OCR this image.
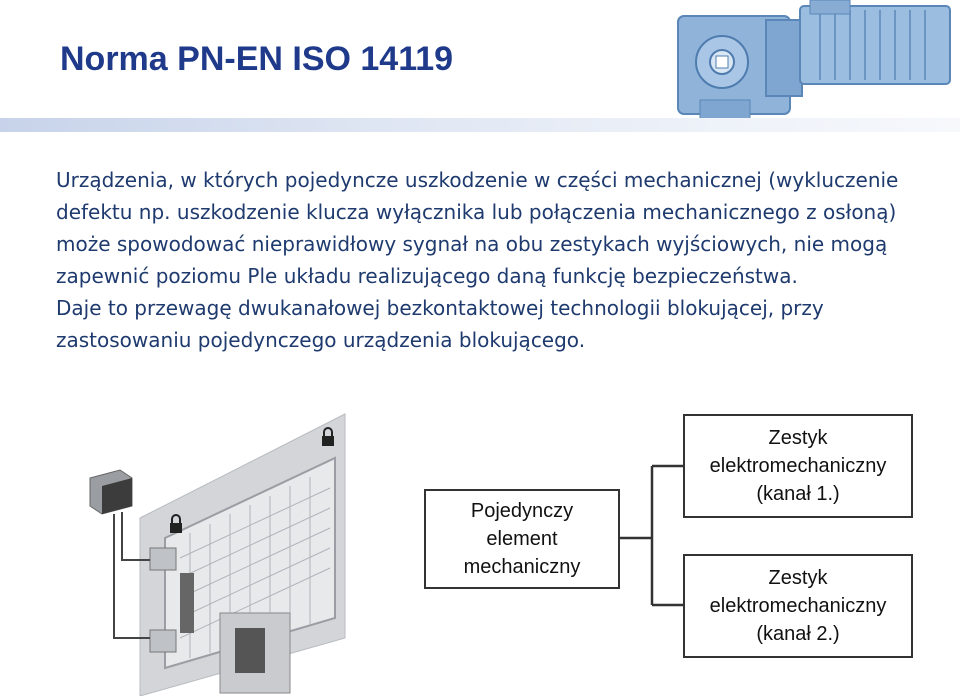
Norma PN-EN ISO 14119

Urządzenia, w których pojedyncze uszkodzenie w części mechanicznej (wykluczenie defektu np. uszkodzenie klucza wyłącznika lub połączenia mechanicznego z osłoną) może spowodować nieprawidłowy sygnał na obu zestykach wyjściowych, nie mogą zapewnić poziomu Ple układu realizującego daną funkcję bezpieczeństwa.

Daje to przewagę dwukanałowej bezkontaktowej technologii blokującej, przy zastosowaniu pojedynczego urządzenia blokującego.

Pojedynczy
element
mechaniczny
Zestyk
elektromechaniczny
(kanał 1.)
Zestyk
elektromechaniczny
(kanał 2.)
